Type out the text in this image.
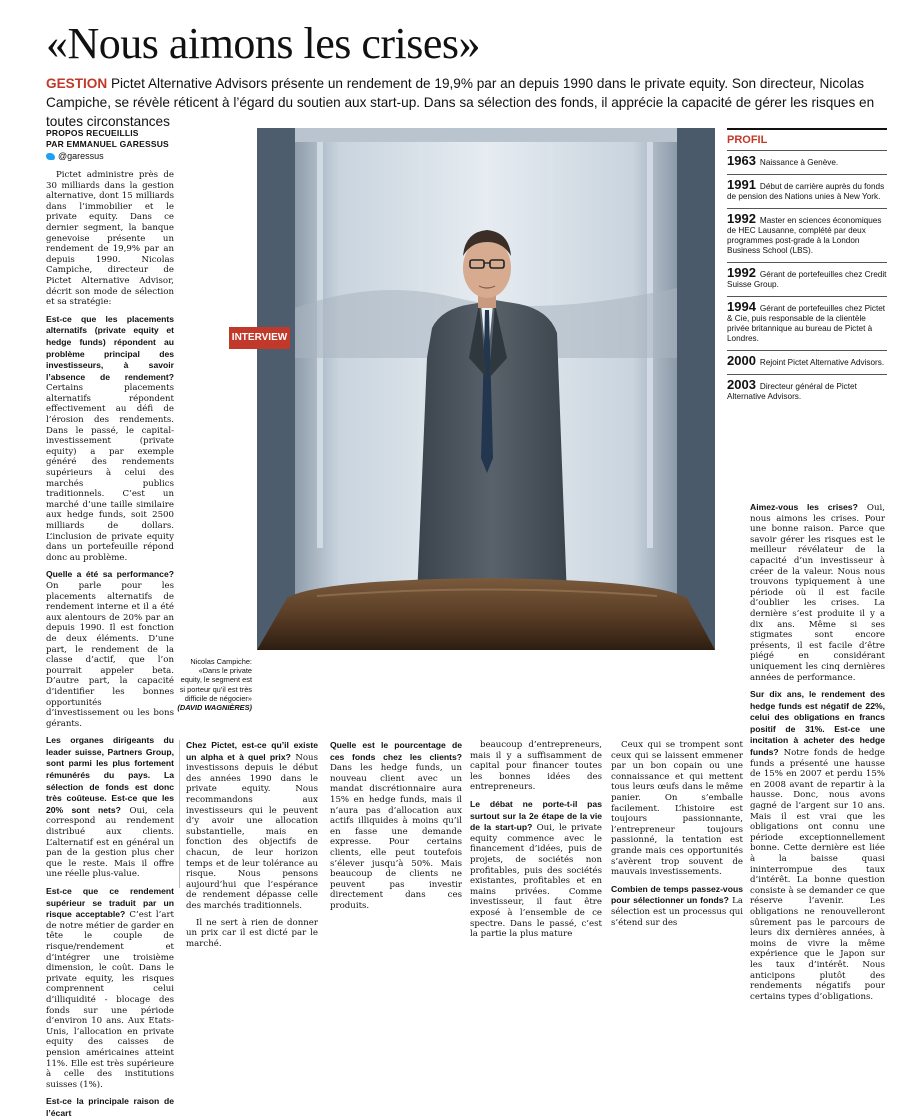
«Nous aimons les crises»
GESTION Pictet Alternative Advisors présente un rendement de 19,9% par an depuis 1990 dans le private equity. Son directeur, Nicolas Campiche, se révèle réticent à l’égard du soutien aux start-up. Dans sa sélection des fonds, il apprécie la capacité de gérer les risques en toutes circonstances
PROPOS RECUEILLIS
PAR EMMANUEL GARESSUS
@garessus

Pictet administre près de 30 milliards dans la gestion alternative, dont 15 milliards dans l’immobilier et le private equity. Dans ce dernier segment, la banque genevoise présente un rendement de 19,9% par an depuis 1990. Nicolas Campiche, directeur de Pictet Alternative Advisor, décrit son mode de sélection et sa stratégie:

Est-ce que les placements alternatifs (private equity et hedge funds) répondent au problème principal des investisseurs, à savoir l’absence de rendement? Certains placements alternatifs répondent effectivement au défi de l’érosion des rendements. Dans le passé, le capital-investissement (private equity) a par exemple généré des rendements supérieurs à celui des marchés publics traditionnels. C’est un marché d’une taille similaire aux hedge funds, soit 2500 milliards de dollars. L’inclusion de private equity dans un portefeuille répond donc au problème.

Quelle a été sa performance? On parle pour les placements alternatifs de rendement interne et il a été aux alentours de 20% par an depuis 1990. Il est fonction de deux éléments. D’une part, le rendement de la classe d’actif, que l’on pourrait appeler beta. D’autre part, la capacité d’identifier les bonnes opportunités d’investissement ou les bons gérants.

Les organes dirigeants du leader suisse, Partners Group, sont parmi les plus fortement rémunérés du pays. La sélection de fonds est donc très coûteuse. Est-ce que les 20% sont nets? Oui, cela correspond au rendement distribué aux clients. L’alternatif est en général un pan de la gestion plus cher que le reste. Mais il offre une réelle plus-value.

Est-ce que ce rendement supérieur se traduit par un risque acceptable? C’est l’art de notre métier de garder en tête le couple de risque/rendement et d’intégrer une troisième dimension, le coût. Dans le private equity, les risques comprennent celui d’illiquidité - blocage des fonds sur une période d’environ 10 ans. Aux Etats-Unis, l’allocation en private equity des caisses de pension américaines atteint 11%. Elle est très supérieure à celle des institutions suisses (1%).

Est-ce la principale raison de l’écart

INTERVIEW
Nicolas Campiche: «Dans le private equity, le segment est si porteur qu’il est très difficile de négocier» (DAVID WAGNIÈRES)
PROFIL
1963 Naissance à Genève.
1991 Début de carrière auprès du fonds de pension des Nations unies à New York.
1992 Master en sciences économiques de HEC Lausanne, complété par deux programmes post-grade à la London Business School (LBS).
1992 Gérant de portefeuilles chez Credit Suisse Group.
1994 Gérant de portefeuilles chez Pictet & Cie, puis responsable de la clientèle privée britannique au bureau de Pictet à Londres.
2000 Rejoint Pictet Alternative Advisors.
2003 Directeur général de Pictet Alternative Advisors.

Aimez-vous les crises? Oui, nous aimons les crises. Pour une bonne raison. Parce que savoir gérer les risques est le meilleur révélateur de la capacité d’un investisseur à créer de la valeur. Nous nous trouvons typiquement à une période où il est facile d’oublier les crises. La dernière s’est produite il y a dix ans. Même si ses stigmates sont encore présents, il est facile d’être piégé en considérant uniquement les cinq dernières années de performance.

Sur dix ans, le rendement des hedge funds est négatif de 22%, celui des obligations en francs positif de 31%. Est-ce une incitation à acheter des hedge funds? Notre fonds de hedge funds a présenté une hausse de 15% en 2007 et perdu 15% en 2008 avant de repartir à la hausse. Donc, nous avons gagné de l’argent sur 10 ans. Mais il est vrai que les obligations ont connu une période exceptionnellement bonne. Cette dernière est liée à la baisse quasi ininterrompue des taux d’intérêt. La bonne question consiste à se demander ce que réserve l’avenir. Les obligations ne renouvelleront sûrement pas le parcours de leurs dix dernières années, à moins de vivre la même expérience que le Japon sur les taux d’intérêt. Nous anticipons plutôt des rendements négatifs pour certains types d’obligations.

Chez Pictet, est-ce qu’il existe un alpha et à quel prix? Nous investissons depuis le début des années 1990 dans le private equity. Nous recommandons aux investisseurs qui le peuvent d’y avoir une allocation substantielle, mais en fonction des objectifs de chacun, de leur horizon temps et de leur tolérance au risque. Nous pensons aujourd’hui que l’espérance de rendement dépasse celle des marchés traditionnels.

Il ne sert à rien de donner un prix car il est dicté par le marché.

Quelle est le pourcentage de ces fonds chez les clients? Dans les hedge funds, un nouveau client avec un mandat discrétionnaire aura 15% en hedge funds, mais il n’aura pas d’allocation aux actifs illiquides à moins qu’il en fasse une demande expresse. Pour certains clients, elle peut toutefois s’élever jusqu’à 50%. Mais beaucoup de clients ne peuvent pas investir directement dans ces produits.

beaucoup d’entrepreneurs, mais il y a suffisamment de capital pour financer toutes les bonnes idées des entrepreneurs.

Le débat ne porte-t-il pas surtout sur la 2e étape de la vie de la start-up? Oui, le private equity commence avec le financement d’idées, puis de projets, de sociétés non profitables, puis des sociétés existantes, profitables et en mains privées. Comme investisseur, il faut être exposé à l’ensemble de ce spectre. Dans le passé, c’est la partie la plus mature

Ceux qui se trompent sont ceux qui se laissent emmener par un bon copain ou une connaissance et qui mettent tous leurs œufs dans le même panier. On s’emballe facilement. L’histoire est toujours passionnante, l’entrepreneur toujours passionné, la tentation est grande mais ces opportunités s’avèrent trop souvent de mauvais investissements.

Combien de temps passez-vous pour sélectionner un fonds? La sélection est un processus qui s’étend sur des
